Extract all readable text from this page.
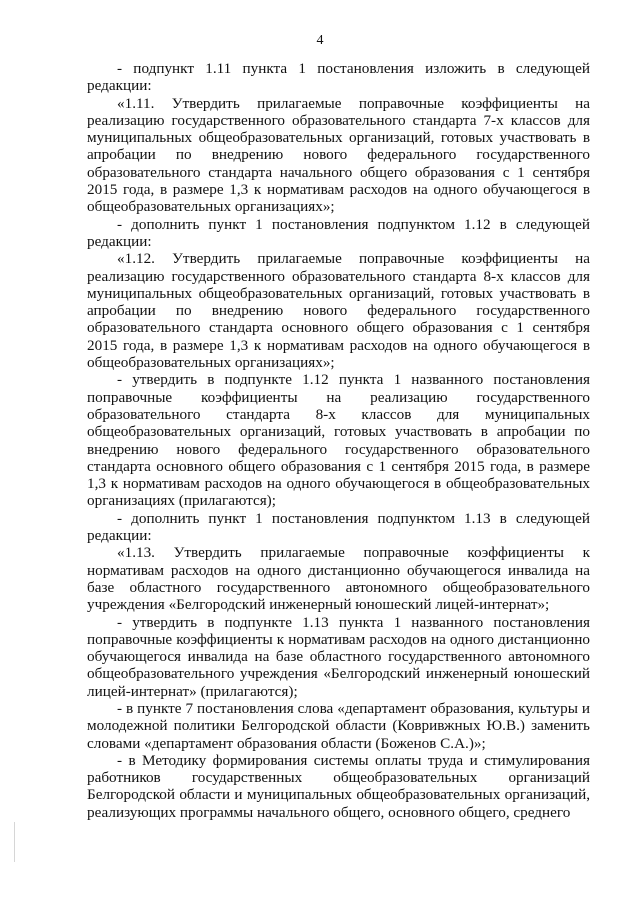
4

- подпункт 1.11 пункта 1 постановления изложить в следующей редакции:

«1.11. Утвердить прилагаемые поправочные коэффициенты на реализацию государственного образовательного стандарта 7-х классов для муниципальных общеобразовательных организаций, готовых участвовать в апробации по внедрению нового федерального государственного образовательного стандарта начального общего образования с 1 сентября 2015 года, в размере 1,3 к нормативам расходов на одного обучающегося в общеобразовательных организациях»;

- дополнить пункт 1 постановления подпунктом 1.12 в следующей редакции:

«1.12. Утвердить прилагаемые поправочные коэффициенты на реализацию государственного образовательного стандарта 8-х классов для муниципальных общеобразовательных организаций, готовых участвовать в апробации по внедрению нового федерального государственного образовательного стандарта основного общего образования с 1 сентября 2015 года, в размере 1,3 к нормативам расходов на одного обучающегося в общеобразовательных организациях»;

- утвердить в подпункте 1.12 пункта 1 названного постановления поправочные коэффициенты на реализацию государственного образовательного стандарта 8-х классов для муниципальных общеобразовательных организаций, готовых участвовать в апробации по внедрению нового федерального государственного образовательного стандарта основного общего образования с 1 сентября 2015 года, в размере 1,3 к нормативам расходов на одного обучающегося в общеобразовательных организациях (прилагаются);

- дополнить пункт 1 постановления подпунктом 1.13 в следующей редакции:

«1.13. Утвердить прилагаемые поправочные коэффициенты к нормативам расходов на одного дистанционно обучающегося инвалида на базе областного государственного автономного общеобразовательного учреждения «Белгородский инженерный юношеский лицей-интернат»;

- утвердить в подпункте 1.13 пункта 1 названного постановления поправочные коэффициенты к нормативам расходов на одного дистанционно обучающегося инвалида на базе областного государственного автономного общеобразовательного учреждения «Белгородский инженерный юношеский лицей-интернат» (прилагаются);

- в пункте 7 постановления слова «департамент образования, культуры и молодежной политики Белгородской области (Ковривжных Ю.В.) заменить словами «департамент образования области (Боженов С.А.)»;

- в Методику формирования системы оплаты труда и стимулирования работников государственных общеобразовательных организаций Белгородской области и муниципальных общеобразовательных организаций, реализующих программы начального общего, основного общего, среднего
